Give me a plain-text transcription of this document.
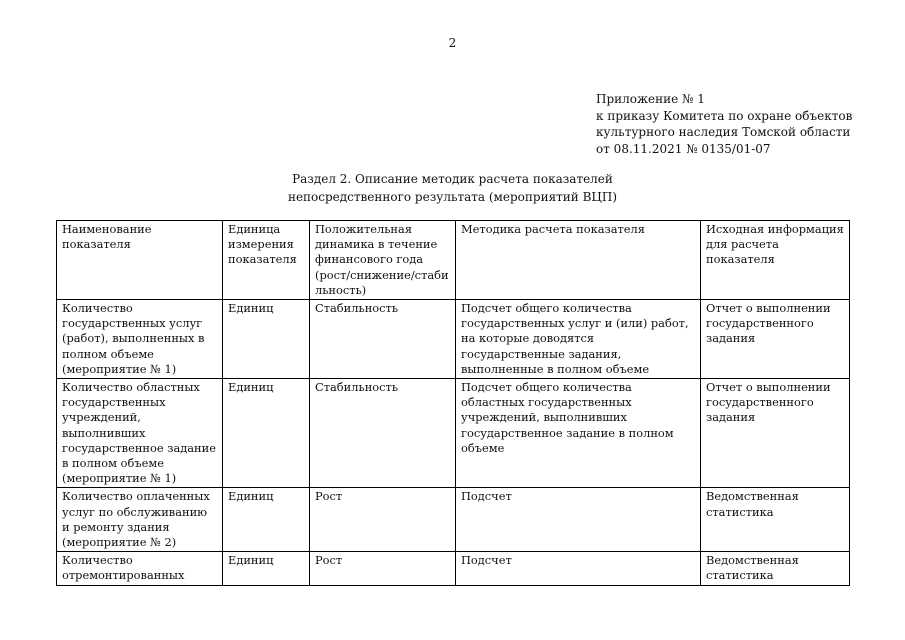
2
Приложение № 1
к приказу Комитета по охране объектов
культурного наследия Томской области
от 08.11.2021 № 0135/01-07
Раздел 2. Описание методик расчета показателей
непосредственного результата (мероприятий ВЦП)
Наименование показателя	Единица измерения показателя	Положительная динамика в течение финансового года (рост/снижение/стаби льность)	Методика расчета показателя	Исходная информация для расчета показателя
Количество государственных услуг (работ), выполненных в полном объеме (мероприятие № 1)	Единиц	Стабильность	Подсчет общего количества государственных услуг и (или) работ, на которые доводятся государственные задания, выполненные в полном объеме	Отчет о выполнении государственного задания
Количество областных государственных учреждений, выполнивших государственное задание в полном объеме (мероприятие № 1)	Единиц	Стабильность	Подсчет общего количества областных государственных учреждений, выполнивших государственное задание в полном объеме	Отчет о выполнении государственного задания
Количество оплаченных услуг по обслуживанию и ремонту здания (мероприятие № 2)	Единиц	Рост	Подсчет	Ведомственная статистика
Количество отремонтированных	Единиц	Рост	Подсчет	Ведомственная статистика
